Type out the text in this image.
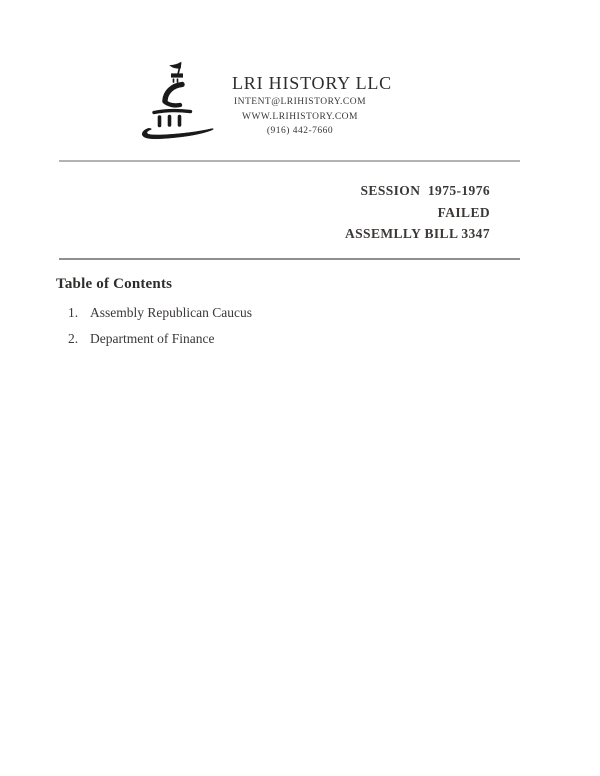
LRI HISTORY LLC
INTENT@LRIHISTORY.COM
WWW.LRIHISTORY.COM
(916) 442-7660
SESSION  1975-1976
FAILED
ASSEMLLY BILL 3347
Table of Contents
1. Assembly Republican Caucus
2. Department of Finance
